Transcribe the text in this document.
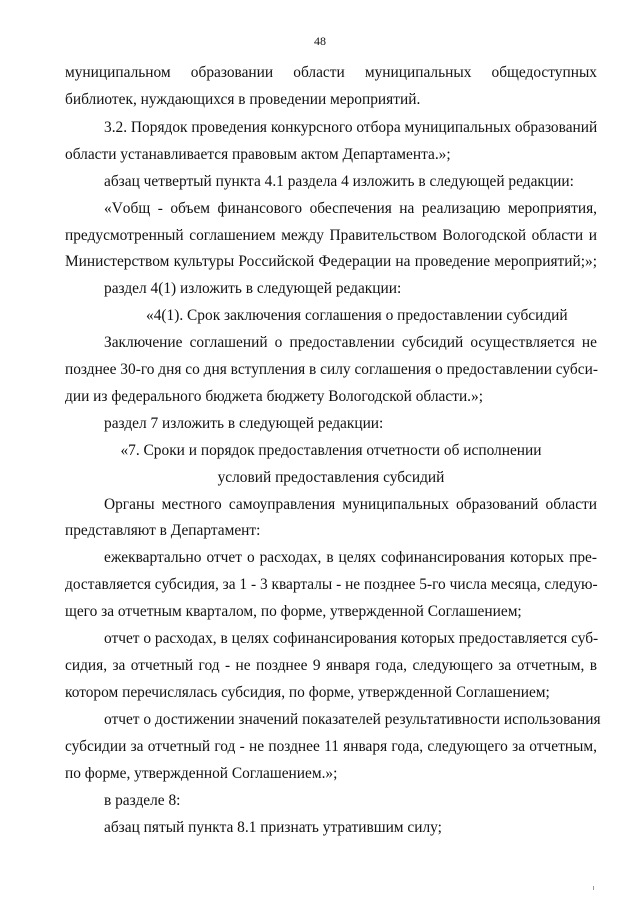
48
муниципальном образовании области муниципальных общедоступных
библиотек, нуждающихся в проведении мероприятий.
3.2. Порядок проведения конкурсного отбора муниципальных образований
области устанавливается правовым актом Департамента.»;
абзац четвертый пункта 4.1 раздела 4 изложить в следующей редакции:
«Vобщ - объем финансового обеспечения на реализацию мероприятия,
предусмотренный соглашением между Правительством Вологодской области и
Министерством культуры Российской Федерации на проведение мероприятий;»;
раздел 4(1) изложить в следующей редакции:
«4(1). Срок заключения соглашения о предоставлении субсидий
Заключение соглашений о предоставлении субсидий осуществляется не
позднее 30-го дня со дня вступления в силу соглашения о предоставлении субси-
дии из федерального бюджета бюджету Вологодской области.»;
раздел 7 изложить в следующей редакции:
«7. Сроки и порядок предоставления отчетности об исполнении
условий предоставления субсидий
Органы местного самоуправления муниципальных образований области
представляют в Департамент:
ежеквартально отчет о расходах, в целях софинансирования которых пре-
доставляется субсидия, за 1 - 3 кварталы - не позднее 5-го числа месяца, следую-
щего за отчетным кварталом, по форме, утвержденной Соглашением;
отчет о расходах, в целях софинансирования которых предоставляется суб-
сидия, за отчетный год - не позднее 9 января года, следующего за отчетным, в
котором перечислялась субсидия, по форме, утвержденной Соглашением;
отчет о достижении значений показателей результативности использования
субсидии за отчетный год - не позднее 11 января года, следующего за отчетным,
по форме, утвержденной Соглашением.»;
в разделе 8:
абзац пятый пункта 8.1 признать утратившим силу;
